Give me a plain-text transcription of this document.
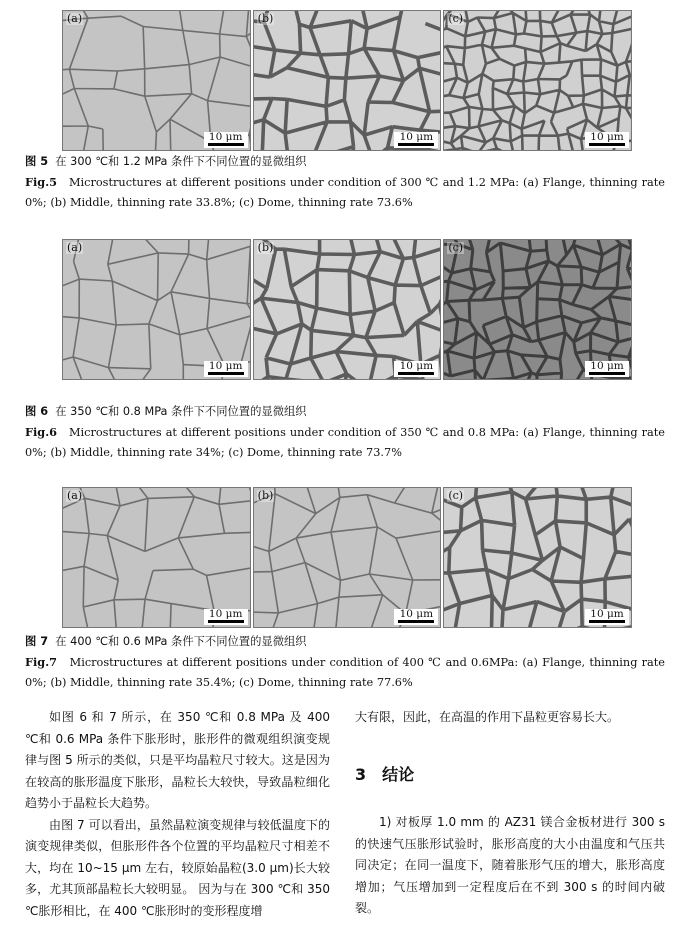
(a)
10 μm
(b)
10 μm
(c)
10 μm
图 5 在 300 ℃和 1.2 MPa 条件下不同位置的显微组织
Fig.5 Microstructures at different positions under condition of 300 ℃ and 1.2 MPa: (a) Flange, thinning rate 0%; (b) Middle, thinning rate 33.8%; (c) Dome, thinning rate 73.6%
(a)
10 μm
(b)
10 μm
(c)
10 μm
图 6 在 350 ℃和 0.8 MPa 条件下不同位置的显微组织
Fig.6 Microstructures at different positions under condition of 350 ℃ and 0.8 MPa: (a) Flange, thinning rate 0%; (b) Middle, thinning rate 34%; (c) Dome, thinning rate 73.7%
(a)
10 μm
(b)
10 μm
(c)
10 μm
图 7 在 400 ℃和 0.6 MPa 条件下不同位置的显微组织
Fig.7 Microstructures at different positions under condition of 400 ℃ and 0.6MPa: (a) Flange, thinning rate 0%; (b) Middle, thinning rate 35.4%; (c) Dome, thinning rate 77.6%

如图 6 和 7 所示，在 350 ℃和 0.8 MPa 及 400 ℃和 0.6 MPa 条件下胀形时，胀形件的微观组织演变规律与图 5 所示的类似，只是平均晶粒尺寸较大。这是因为在较高的胀形温度下胀形，晶粒长大较快，导致晶粒细化趋势小于晶粒长大趋势。

由图 7 可以看出，虽然晶粒演变规律与较低温度下的演变规律类似，但胀形件各个位置的平均晶粒尺寸相差不大，均在 10~15 μm 左右，较原始晶粒(3.0 μm)长大较多，尤其顶部晶粒长大较明显。 因为与在 300 ℃和 350 ℃胀形相比，在 400 ℃胀形时的变形程度增

大有限，因此，在高温的作用下晶粒更容易长大。

3　结论

1) 对板厚 1.0 mm 的 AZ31 镁合金板材进行 300 s 的快速气压胀形试验时，胀形高度的大小由温度和气压共同决定；在同一温度下，随着胀形气压的增大，胀形高度增加；气压增加到一定程度后在不到 300 s 的时间内破裂。
